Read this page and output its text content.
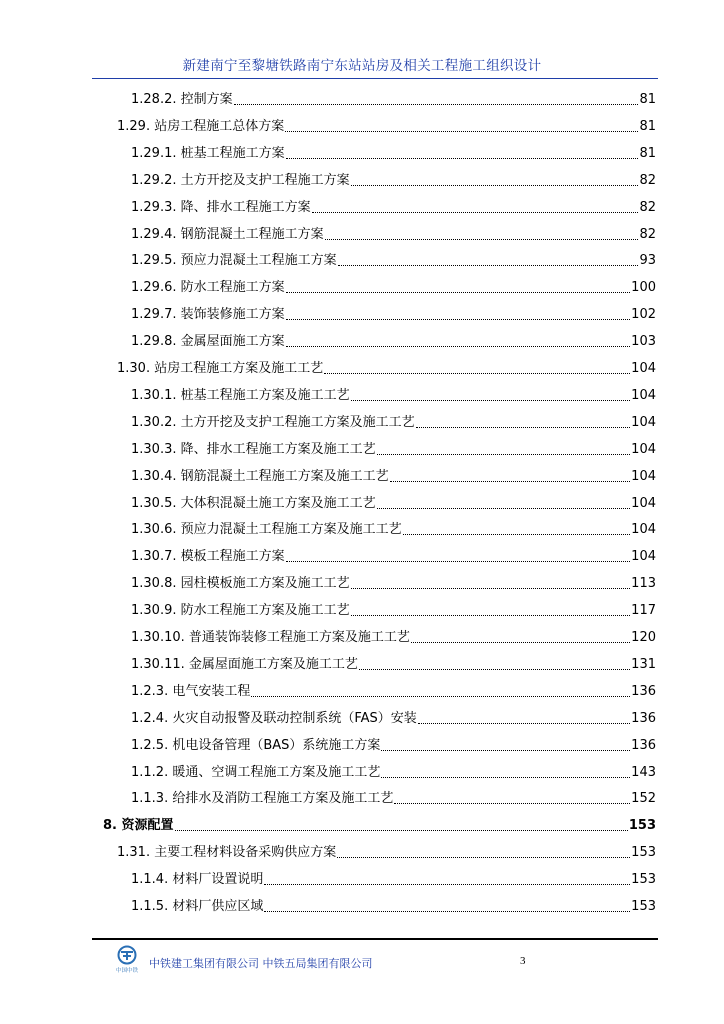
新建南宁至黎塘铁路南宁东站站房及相关工程施工组织设计
1.28.2. 控制方案	81
1.29. 站房工程施工总体方案	81
1.29.1. 桩基工程施工方案	81
1.29.2. 土方开挖及支护工程施工方案	82
1.29.3. 降、排水工程施工方案	82
1.29.4. 钢筋混凝土工程施工方案	82
1.29.5. 预应力混凝土工程施工方案	93
1.29.6. 防水工程施工方案	100
1.29.7. 装饰装修施工方案	102
1.29.8. 金属屋面施工方案	103
1.30. 站房工程施工方案及施工工艺	104
1.30.1. 桩基工程施工方案及施工工艺	104
1.30.2. 土方开挖及支护工程施工方案及施工工艺	104
1.30.3. 降、排水工程施工方案及施工工艺	104
1.30.4. 钢筋混凝土工程施工方案及施工工艺	104
1.30.5. 大体积混凝土施工方案及施工工艺	104
1.30.6. 预应力混凝土工程施工方案及施工工艺	104
1.30.7. 模板工程施工方案	104
1.30.8. 园柱模板施工方案及施工工艺	113
1.30.9. 防水工程施工方案及施工工艺	117
1.30.10. 普通装饰装修工程施工方案及施工工艺	120
1.30.11. 金属屋面施工方案及施工工艺	131
1.2.3. 电气安装工程	136
1.2.4. 火灾自动报警及联动控制系统（FAS）安装	136
1.2.5. 机电设备管理（BAS）系统施工方案	136
1.1.2. 暖通、空调工程施工方案及施工工艺	143
1.1.3. 给排水及消防工程施工方案及施工工艺	152
8. 资源配置	153
1.31. 主要工程材料设备采购供应方案	153
1.1.4. 材料厂设置说明	153
1.1.5. 材料厂供应区域	153
中国中铁
中铁建工集团有限公司 中铁五局集团有限公司	3
